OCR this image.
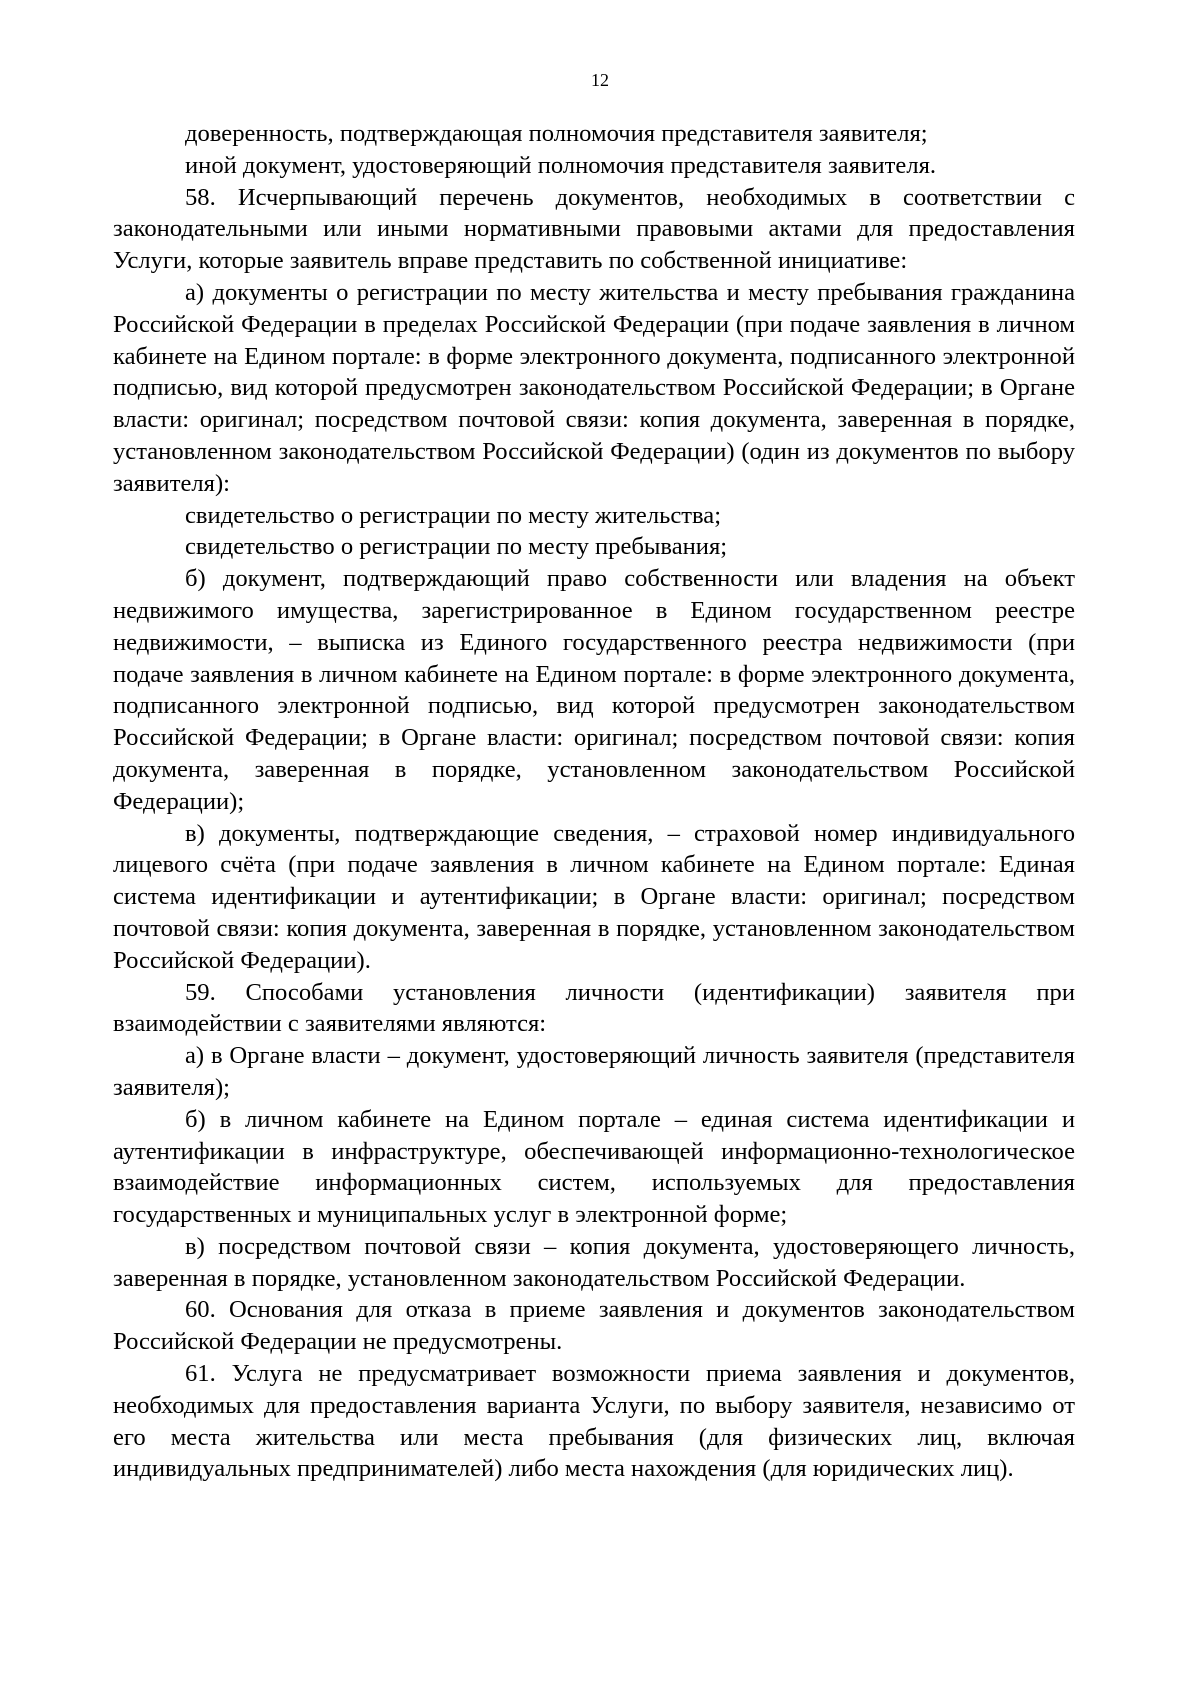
12

доверенность, подтверждающая полномочия представителя заявителя;

иной документ, удостоверяющий полномочия представителя заявителя.

58. Исчерпывающий перечень документов, необходимых в соответствии с законодательными или иными нормативными правовыми актами для предоставления Услуги, которые заявитель вправе представить по собственной инициативе:

а) документы о регистрации по месту жительства и месту пребывания гражданина Российской Федерации в пределах Российской Федерации (при подаче заявления в личном кабинете на Едином портале: в форме электронного документа, подписанного электронной подписью, вид которой предусмотрен законодательством Российской Федерации; в Органе власти: оригинал; посредством почтовой связи: копия документа, заверенная в порядке, установленном законодательством Российской Федерации) (один из документов по выбору заявителя):

свидетельство о регистрации по месту жительства;

свидетельство о регистрации по месту пребывания;

б) документ, подтверждающий право собственности или владения на объект недвижимого имущества, зарегистрированное в Едином государственном реестре недвижимости, – выписка из Единого государственного реестра недвижимости (при подаче заявления в личном кабинете на Едином портале: в форме электронного документа, подписанного электронной подписью, вид которой предусмотрен законодательством Российской Федерации; в Органе власти: оригинал; посредством почтовой связи: копия документа, заверенная в порядке, установленном законодательством Российской Федерации);

в) документы, подтверждающие сведения, – страховой номер индивидуального лицевого счёта (при подаче заявления в личном кабинете на Едином портале: Единая система идентификации и аутентификации; в Органе власти: оригинал; посредством почтовой связи: копия документа, заверенная в порядке, установленном законодательством Российской Федерации).

59. Способами установления личности (идентификации) заявителя при взаимодействии с заявителями являются:

а) в Органе власти – документ, удостоверяющий личность заявителя (представителя заявителя);

б) в личном кабинете на Едином портале – единая система идентификации и аутентификации в инфраструктуре, обеспечивающей информационно-технологическое взаимодействие информационных систем, используемых для предоставления государственных и муниципальных услуг в электронной форме;

в) посредством почтовой связи – копия документа, удостоверяющего личность, заверенная в порядке, установленном законодательством Российской Федерации.

60. Основания для отказа в приеме заявления и документов законодательством Российской Федерации не предусмотрены.

61. Услуга не предусматривает возможности приема заявления и документов, необходимых для предоставления варианта Услуги, по выбору заявителя, независимо от его места жительства или места пребывания (для физических лиц, включая индивидуальных предпринимателей) либо места нахождения (для юридических лиц).
